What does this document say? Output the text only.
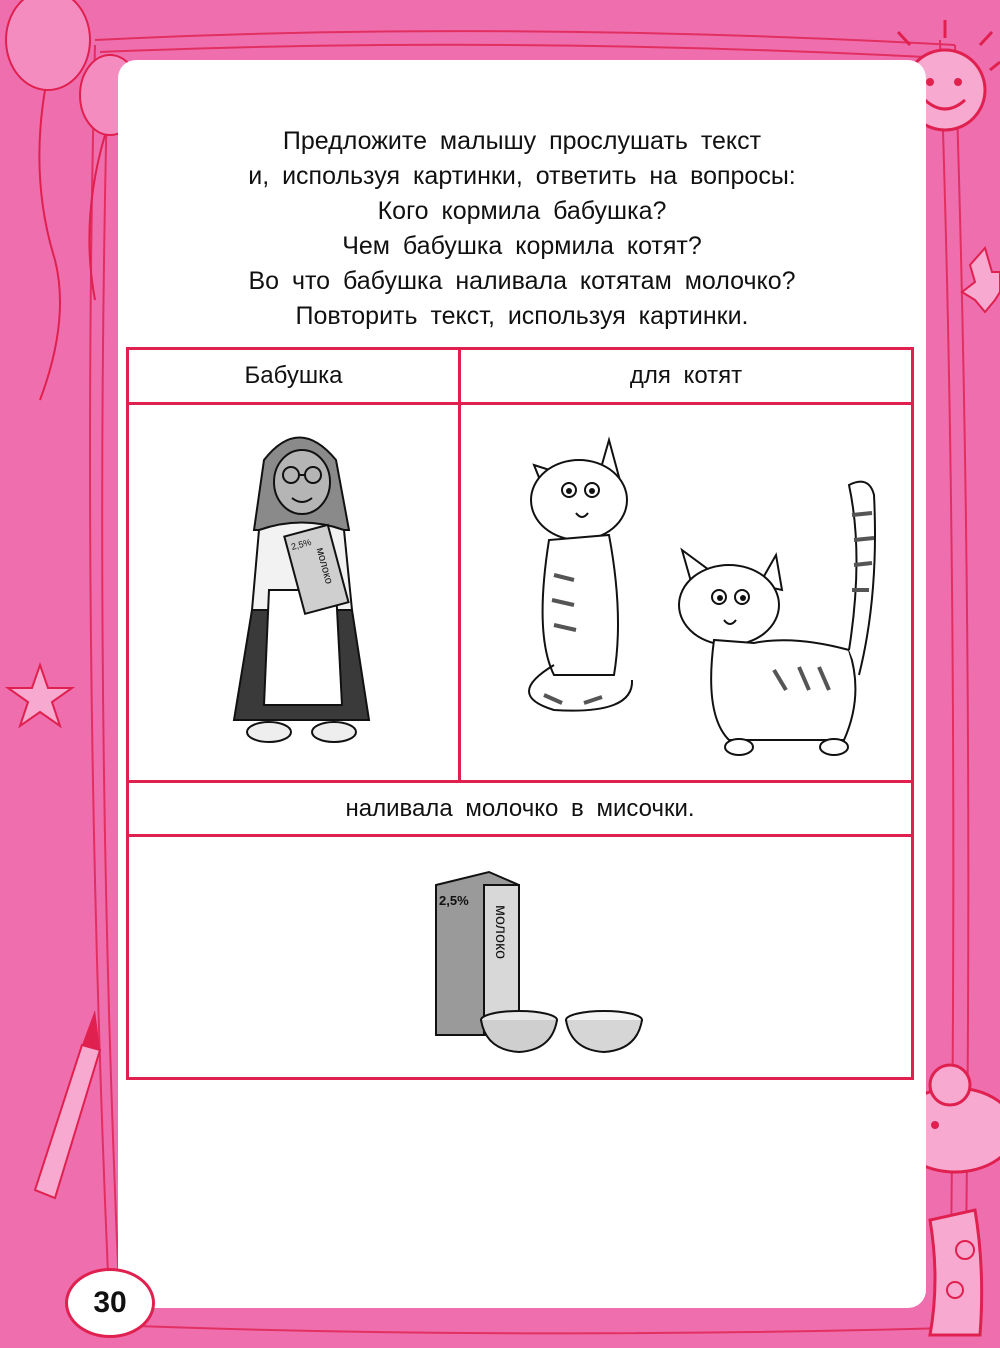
Предложите малышу прослушать текст
и, используя картинки, ответить на вопросы:
Кого кормила бабушка?
Чем бабушка кормила котят?
Во что бабушка наливала котятам молочко?
Повторить текст, используя картинки.
Бабушка	для котят
наливала молочко в мисочки.
2,5%
молоко
2,5%
молоко
30
